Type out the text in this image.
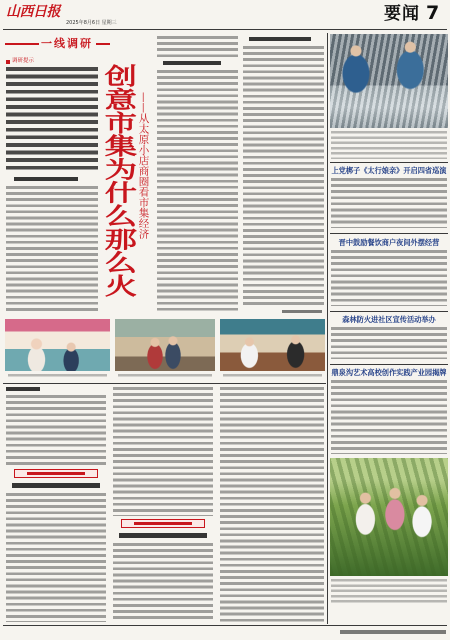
山西日报
2025年8月6日 星期三	要闻 7
一线调研
调研提示
创意市集为什么那么火 ——从太原小店商圈看市集经济	上党梆子《太行娘亲》开启四省巡演
晋中鼓励餐饮商户夜间外摆经营
森林防火进社区宣传活动举办
鼎泉沟艺术高校创作实践产业园揭牌
